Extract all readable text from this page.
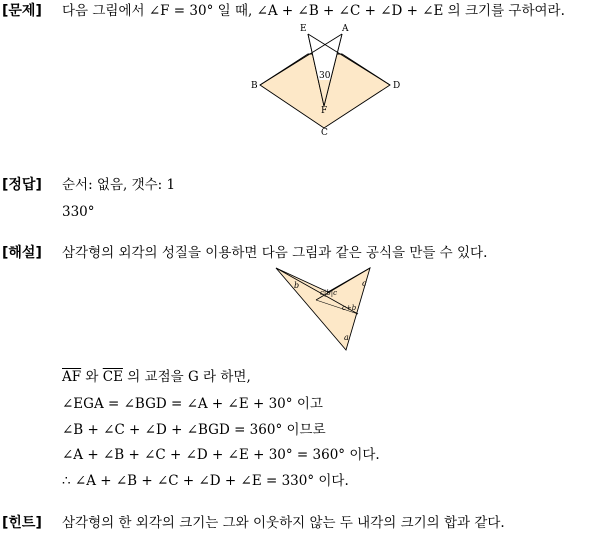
[문제] 다음 그림에서 ∠F = 30° 일 때, ∠A + ∠B + ∠C + ∠D + ∠E 의 크기를 구하여라.
E	A
B	D
C
F
30
[정답] 순서: 없음, 갯수: 1
330°
[해설] 삼각형의 외각의 성질을 이용하면 다음 그림과 같은 공식을 만들 수 있다.
b	c
c|b|c
c+b
a
$\overline{AF}$ 와 $\overline{CE}$ 의 교점을 G 라 하면,
∠EGA = ∠BGD = ∠A + ∠E + 30° 이고
∠B + ∠C + ∠D + ∠BGD = 360° 이므로
∠A + ∠B + ∠C + ∠D + ∠E + 30° = 360° 이다.
∴ ∠A + ∠B + ∠C + ∠D + ∠E = 330° 이다.
[힌트] 삼각형의 한 외각의 크기는 그와 이웃하지 않는 두 내각의 크기의 합과 같다.
